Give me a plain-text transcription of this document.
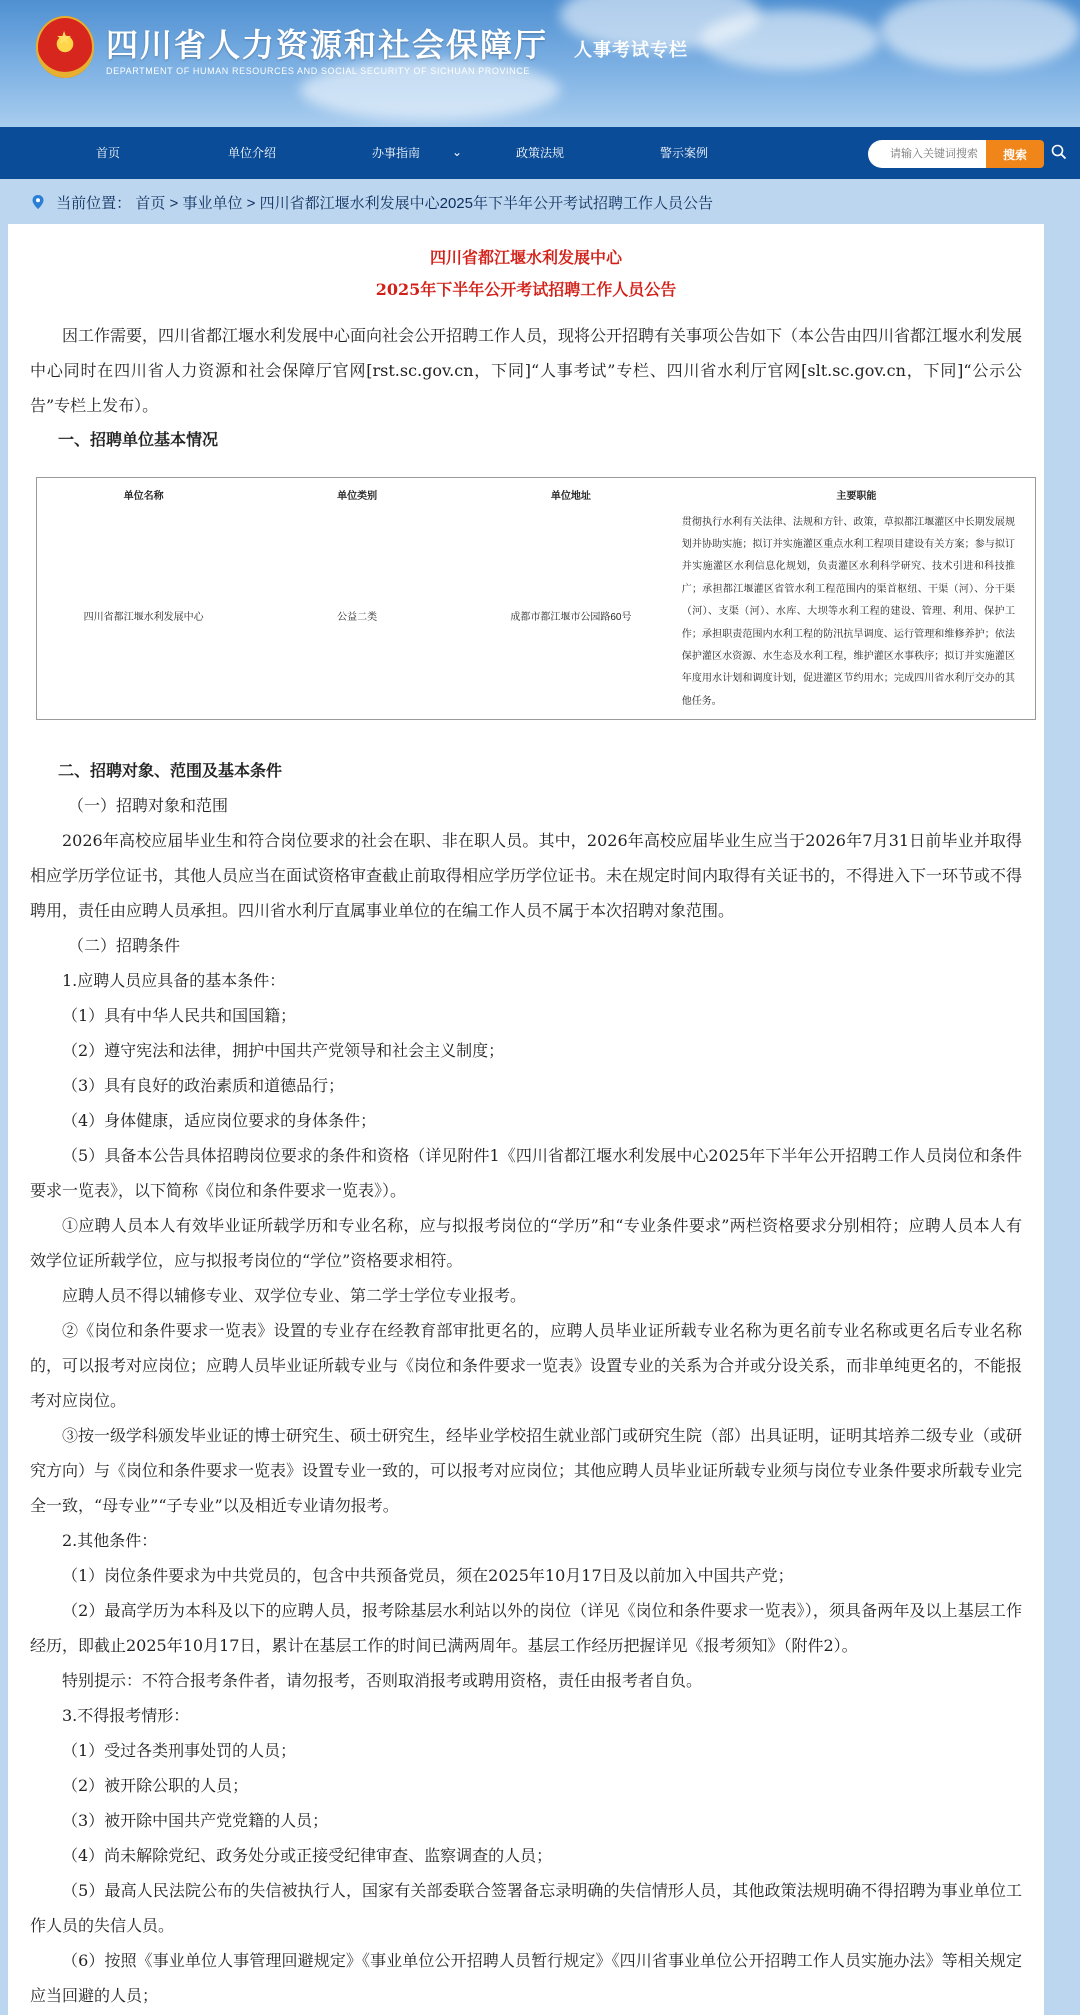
★ 四川省人力资源和社会保障厅
DEPARTMENT OF HUMAN RESOURCES AND SOCIAL SECURITY OF SICHUAN PROVINCE
人事考试专栏
首页	单位介绍	办事指南	⌄	政策法规	警示案例
请输入关键词搜索	搜索
当前位置： 首页 > 事业单位 > 四川省都江堰水利发展中心2025年下半年公开考试招聘工作人员公告
四川省都江堰水利发展中心
2025年下半年公开考试招聘工作人员公告

因工作需要，四川省都江堰水利发展中心面向社会公开招聘工作人员，现将公开招聘有关事项公告如下（本公告由四川省都江堰水利发展中心同时在四川省人力资源和社会保障厅官网[rst.sc.gov.cn，下同]“人事考试”专栏、四川省水利厅官网[slt.sc.gov.cn，下同]“公示公告”专栏上发布）。

一、招聘单位基本情况
单位名称	单位类别	单位地址	主要职能
四川省都江堰水利发展中心	公益二类	成都市都江堰市公园路60号	贯彻执行水利有关法律、法规和方针、政策，草拟都江堰灌区中长期发展规划并协助实施；拟订并实施灌区重点水利工程项目建设有关方案；参与拟订并实施灌区水利信息化规划，负责灌区水利科学研究、技术引进和科技推广；承担都江堰灌区省管水利工程范围内的渠首枢纽、干渠（河）、分干渠（河）、支渠（河）、水库、大坝等水利工程的建设、管理、利用、保护工作；承担职责范围内水利工程的防汛抗旱调度、运行管理和维修养护；依法保护灌区水资源、水生态及水利工程，维护灌区水事秩序；拟订并实施灌区年度用水计划和调度计划，促进灌区节约用水；完成四川省水利厅交办的其他任务。
二、招聘对象、范围及基本条件

（一）招聘对象和范围

2026年高校应届毕业生和符合岗位要求的社会在职、非在职人员。其中，2026年高校应届毕业生应当于2026年7月31日前毕业并取得相应学历学位证书，其他人员应当在面试资格审查截止前取得相应学历学位证书。未在规定时间内取得有关证书的，不得进入下一环节或不得聘用，责任由应聘人员承担。四川省水利厅直属事业单位的在编工作人员不属于本次招聘对象范围。

（二）招聘条件

1.应聘人员应具备的基本条件：

（1）具有中华人民共和国国籍；

（2）遵守宪法和法律，拥护中国共产党领导和社会主义制度；

（3）具有良好的政治素质和道德品行；

（4）身体健康，适应岗位要求的身体条件；

（5）具备本公告具体招聘岗位要求的条件和资格（详见附件1《四川省都江堰水利发展中心2025年下半年公开招聘工作人员岗位和条件要求一览表》，以下简称《岗位和条件要求一览表》）。

①应聘人员本人有效毕业证所载学历和专业名称，应与拟报考岗位的“学历”和“专业条件要求”两栏资格要求分别相符；应聘人员本人有效学位证所载学位，应与拟报考岗位的“学位”资格要求相符。

应聘人员不得以辅修专业、双学位专业、第二学士学位专业报考。

②《岗位和条件要求一览表》设置的专业存在经教育部审批更名的，应聘人员毕业证所载专业名称为更名前专业名称或更名后专业名称的，可以报考对应岗位；应聘人员毕业证所载专业与《岗位和条件要求一览表》设置专业的关系为合并或分设关系，而非单纯更名的，不能报考对应岗位。

③按一级学科颁发毕业证的博士研究生、硕士研究生，经毕业学校招生就业部门或研究生院（部）出具证明，证明其培养二级专业（或研究方向）与《岗位和条件要求一览表》设置专业一致的，可以报考对应岗位；其他应聘人员毕业证所载专业须与岗位专业条件要求所载专业完全一致，“母专业”“子专业”以及相近专业请勿报考。

2.其他条件：

（1）岗位条件要求为中共党员的，包含中共预备党员，须在2025年10月17日及以前加入中国共产党；

（2）最高学历为本科及以下的应聘人员，报考除基层水利站以外的岗位（详见《岗位和条件要求一览表》），须具备两年及以上基层工作经历，即截止2025年10月17日，累计在基层工作的时间已满两周年。基层工作经历把握详见《报考须知》（附件2）。

特别提示：不符合报考条件者，请勿报考，否则取消报考或聘用资格，责任由报考者自负。

3.不得报考情形：

（1）受过各类刑事处罚的人员；

（2）被开除公职的人员；

（3）被开除中国共产党党籍的人员；

（4）尚未解除党纪、政务处分或正接受纪律审查、监察调查的人员；

（5）最高人民法院公布的失信被执行人，国家有关部委联合签署备忘录明确的失信情形人员，其他政策法规明确不得招聘为事业单位工作人员的失信人员。

（6）按照《事业单位人事管理回避规定》《事业单位公开招聘人员暂行规定》《四川省事业单位公开招聘工作人员实施办法》等相关规定应当回避的人员；
